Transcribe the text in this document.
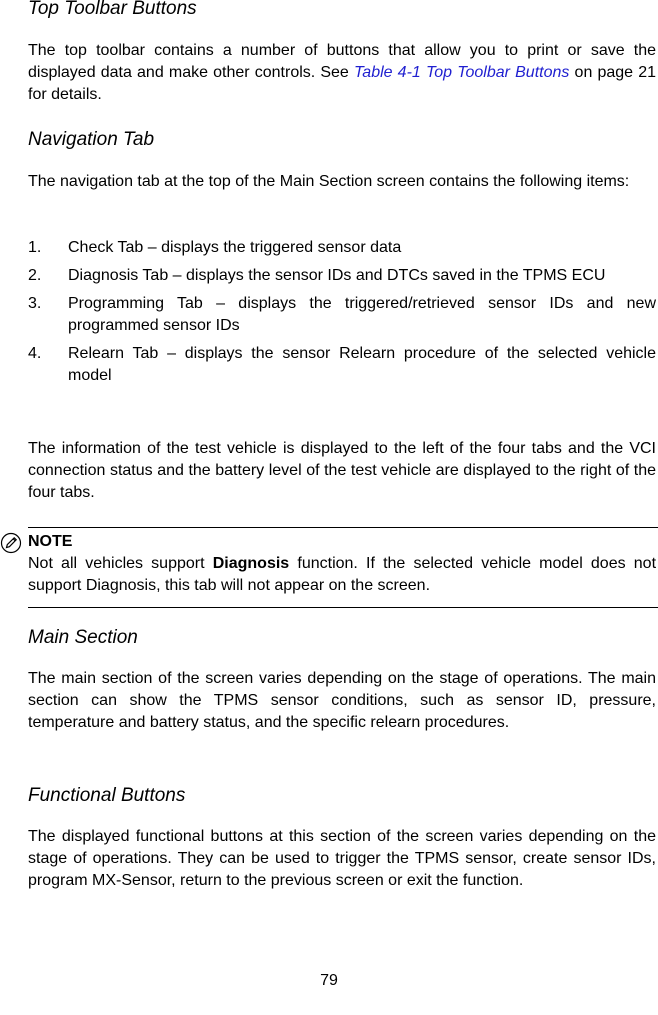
Top Toolbar Buttons

The top toolbar contains a number of buttons that allow you to print or save the displayed data and make other controls. See Table 4-1 Top Toolbar Buttons on page 21 for details.

Navigation Tab

The navigation tab at the top of the Main Section screen contains the following items:

1. Check Tab – displays the triggered sensor data
2. Diagnosis Tab – displays the sensor IDs and DTCs saved in the TPMS ECU
3. Programming Tab – displays the triggered/retrieved sensor IDs and new programmed sensor IDs
4. Relearn Tab – displays the sensor Relearn procedure of the selected vehicle model

The information of the test vehicle is displayed to the left of the four tabs and the VCI connection status and the battery level of the test vehicle are displayed to the right of the four tabs.

NOTE
Not all vehicles support Diagnosis function. If the selected vehicle model does not support Diagnosis, this tab will not appear on the screen.
Main Section

The main section of the screen varies depending on the stage of operations. The main section can show the TPMS sensor conditions, such as sensor ID, pressure, temperature and battery status, and the specific relearn procedures.

Functional Buttons

The displayed functional buttons at this section of the screen varies depending on the stage of operations. They can be used to trigger the TPMS sensor, create sensor IDs, program MX-Sensor, return to the previous screen or exit the function.

79
